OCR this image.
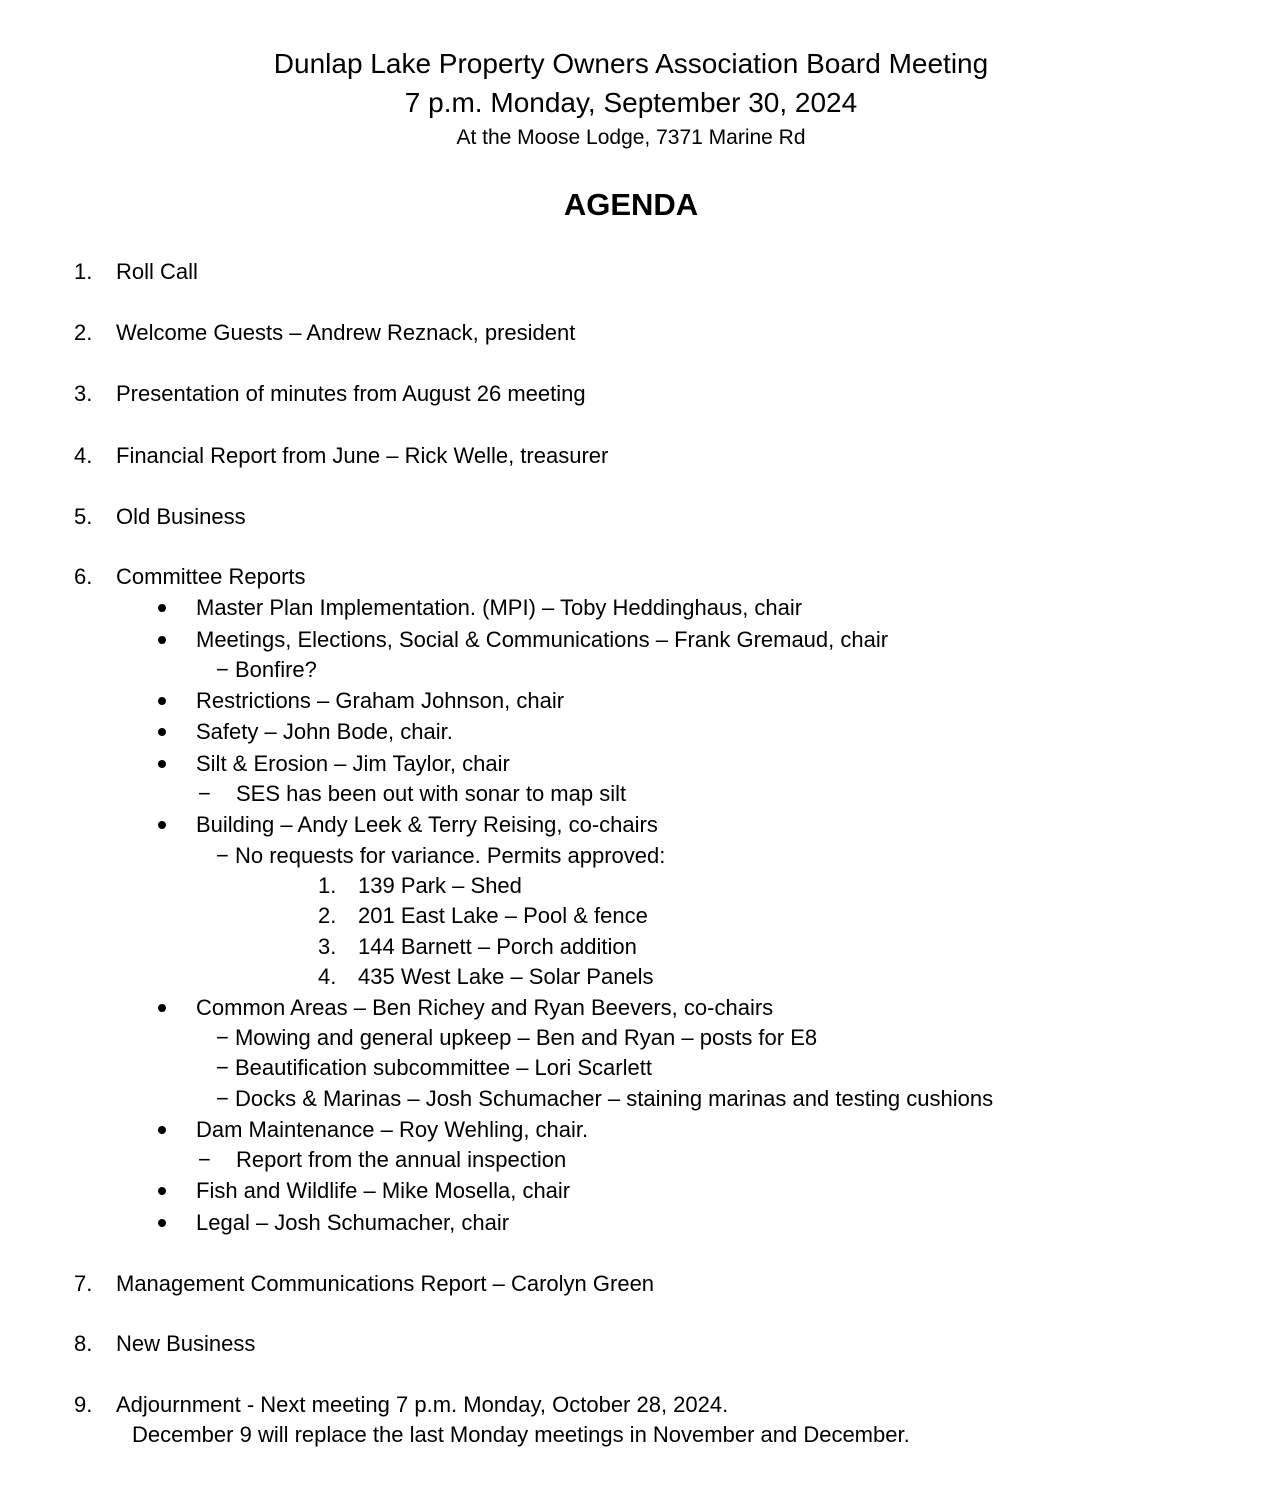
Dunlap Lake Property Owners Association Board Meeting
7 p.m. Monday, September 30, 2024
At the Moose Lodge, 7371 Marine Rd
AGENDA
1. Roll Call
2. Welcome Guests – Andrew Reznack, president
3. Presentation of minutes from August 26 meeting
4. Financial Report from June – Rick Welle, treasurer
5. Old Business
6. Committee Reports
Master Plan Implementation. (MPI) – Toby Heddinghaus, chair
Meetings, Elections, Social & Communications – Frank Gremaud, chair
− Bonfire?
Restrictions – Graham Johnson, chair
Safety – John Bode, chair.
Silt & Erosion – Jim Taylor, chair
− SES has been out with sonar to map silt
Building – Andy Leek & Terry Reising, co-chairs
− No requests for variance. Permits approved:
1. 139 Park – Shed
2. 201 East Lake – Pool & fence
3. 144 Barnett – Porch addition
4. 435 West Lake – Solar Panels
Common Areas – Ben Richey and Ryan Beevers, co-chairs
− Mowing and general upkeep – Ben and Ryan – posts for E8
− Beautification subcommittee – Lori Scarlett
− Docks & Marinas – Josh Schumacher – staining marinas and testing cushions
Dam Maintenance – Roy Wehling, chair.
− Report from the annual inspection
Fish and Wildlife – Mike Mosella, chair
Legal – Josh Schumacher, chair
7. Management Communications Report – Carolyn Green
8. New Business
9. Adjournment - Next meeting 7 p.m. Monday, October 28, 2024.
December 9 will replace the last Monday meetings in November and December.
